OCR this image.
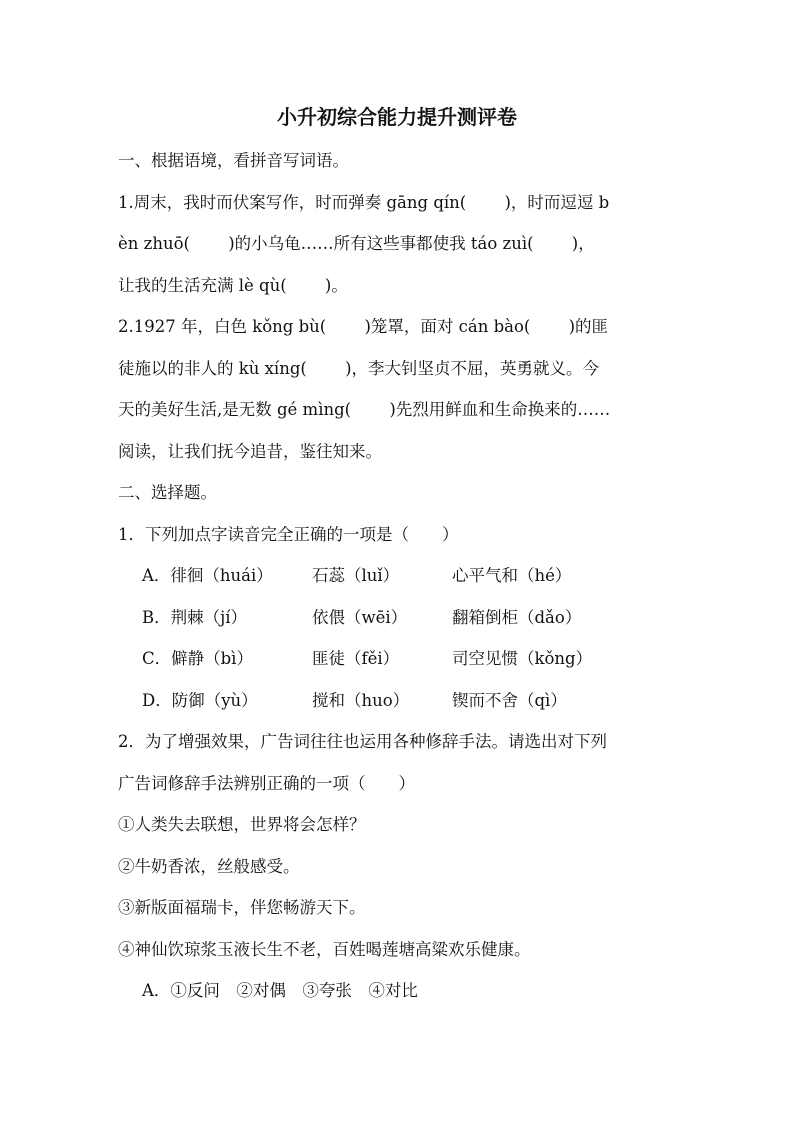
小升初综合能力提升测评卷
一、根据语境，看拼音写词语。
1.周末，我时而伏案写作，时而弹奏 gāng qín(　　 )，时而逗逗 b
èn zhuō(　　 )的小乌龟……所有这些事都使我 táo zuì(　　 )，
让我的生活充满 lè qù(　　 )。
2.1927 年，白色 kǒng bù(　　 )笼罩，面对 cán bào(　　 )的匪
徒施以的非人的 kù xíng(　　 )，李大钊坚贞不屈，英勇就义。今
天的美好生活,是无数 gé mìng(　　 )先烈用鲜血和生命换来的……
阅读，让我们抚今追昔，鉴往知来。
二、选择题。
1．下列加点字读音完全正确的一项是（　　）
A．徘徊（huái） 石蕊（luǐ）	心平气和（hé）
B．荆棘（jí）	依偎（wēi）	翻箱倒柜（dǎo）
C．僻静（bì）	匪徒（fěi）	司空见惯（kǒng）
D．防御（yù）	搅和（huo）	锲而不舍（qì）
2．为了增强效果，广告词往往也运用各种修辞手法。请选出对下列
广告词修辞手法辨别正确的一项（　　）
①人类失去联想，世界将会怎样？
②牛奶香浓，丝般感受。
③新版面福瑞卡，伴您畅游天下。
④神仙饮琼浆玉液长生不老，百姓喝莲塘高粱欢乐健康。
A．①反问　②对偶　③夸张　④对比
